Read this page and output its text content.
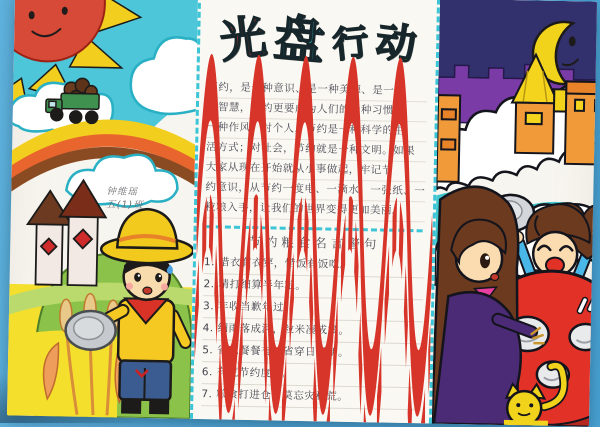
钟维瑶
五(1)班
光 盘 行 动
节约，是一种意识、是一种美德、是一
种智慧，节约更要成为人们的一种习惯、
一种作风。对个人，节约是一种科学的生
活方式；对社会，节约就是一种文明。如果
大家从现在开始就从小事做起，牢记节
约意识，从节约一度电、一滴水、一张纸、一
粒粮入手，让我们的世界变得更加美丽。
节约粮食名言警句
1. 惜衣有衣穿，惜饭有饭吃。
2. 精打细算半年粮。
3. 丰收当歉年过。
4. 细雨落成河，粒米凑成箩。
5. 省吃餐餐有，省穿日日新。
6. 有荒节约度荒。
7. 粮食打进仓，莫忘灾和荒。
